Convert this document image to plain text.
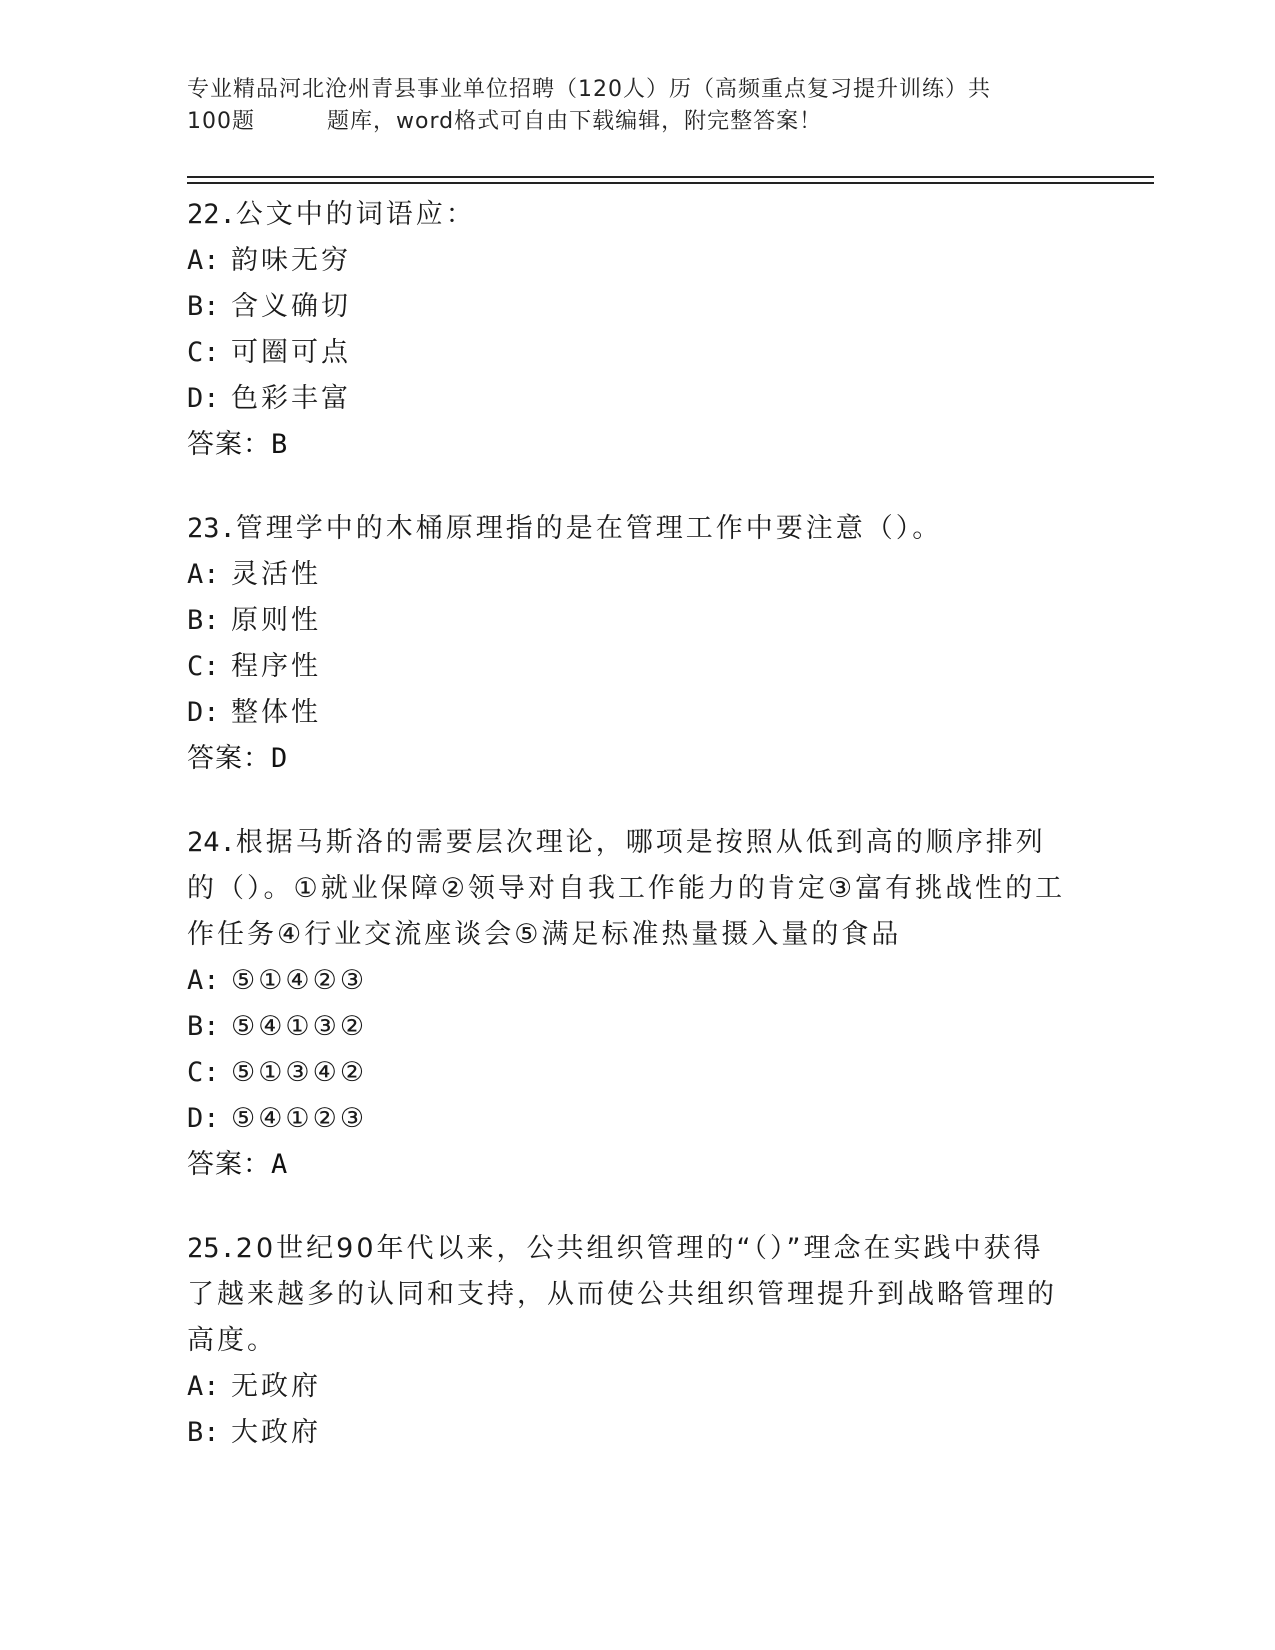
专业精品河北沧州青县事业单位招聘（120人）历（高频重点复习提升训练）共
100题	题库，word格式可自由下载编辑，附完整答案！
22.公文中的词语应：
A: 韵味无穷
B: 含义确切
C: 可圈可点
D: 色彩丰富
答案：B
23.管理学中的木桶原理指的是在管理工作中要注意（）。
A: 灵活性
B: 原则性
C: 程序性
D: 整体性
答案：D
24.根据马斯洛的需要层次理论，哪项是按照从低到高的顺序排列的（）。①就业保障②领导对自我工作能力的肯定③富有挑战性的工作任务④行业交流座谈会⑤满足标准热量摄入量的食品
A: ⑤①④②③
B: ⑤④①③②
C: ⑤①③④②
D: ⑤④①②③
答案：A
25.20世纪90年代以来，公共组织管理的“（）”理念在实践中获得了越来越多的认同和支持，从而使公共组织管理提升到战略管理的高度。
A: 无政府
B: 大政府
